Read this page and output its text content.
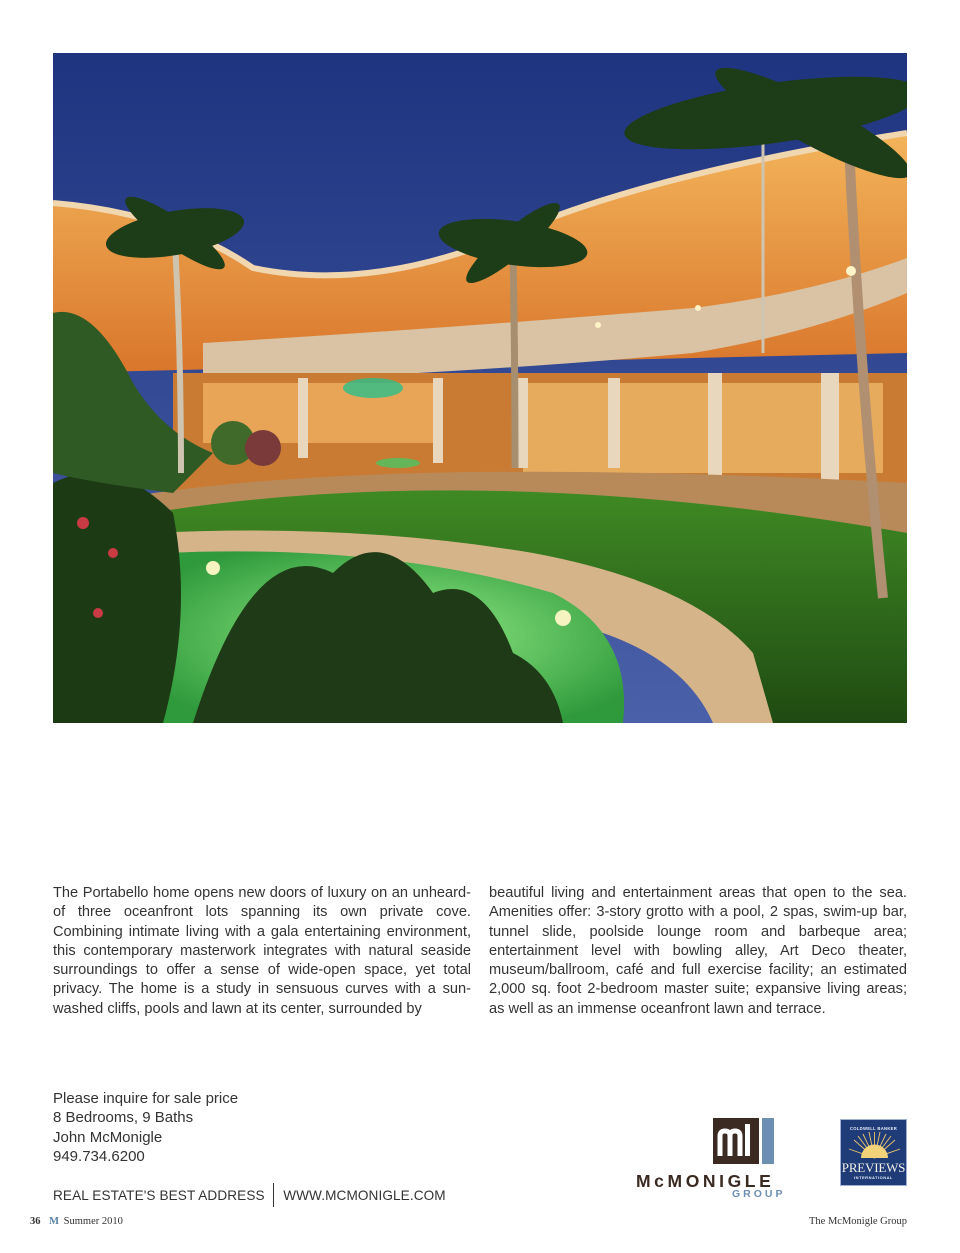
The Portabello home opens new doors of luxury on an unheard-of three oceanfront lots spanning its own private cove. Combining intimate living with a gala entertaining environment, this contemporary masterwork integrates with natural seaside surroundings to offer a sense of wide-open space, yet total privacy. The home is a study in sensuous curves with a sun-washed cliffs, pools and lawn at its center, surrounded by

beautiful living and entertainment areas that open to the sea. Amenities offer: 3-story grotto with a pool, 2 spas, swim-up bar, tunnel slide, poolside lounge room and barbeque area; entertainment level with bowling alley, Art Deco theater, museum/ballroom, café and full exercise facility; an estimated 2,000 sq. foot 2-bedroom master suite; expansive living areas; as well as an immense oceanfront lawn and terrace.

Please inquire for sale price
8 Bedrooms, 9 Baths
John McMonigle
949.734.6200
REAL ESTATE'S BEST ADDRESS WWW.MCMONIGLE.COM
McMONIGLE
GROUP
COLDWELL BANKER
PREVIEWS
INTERNATIONAL
36 M Summer 2010	The McMonigle Group
